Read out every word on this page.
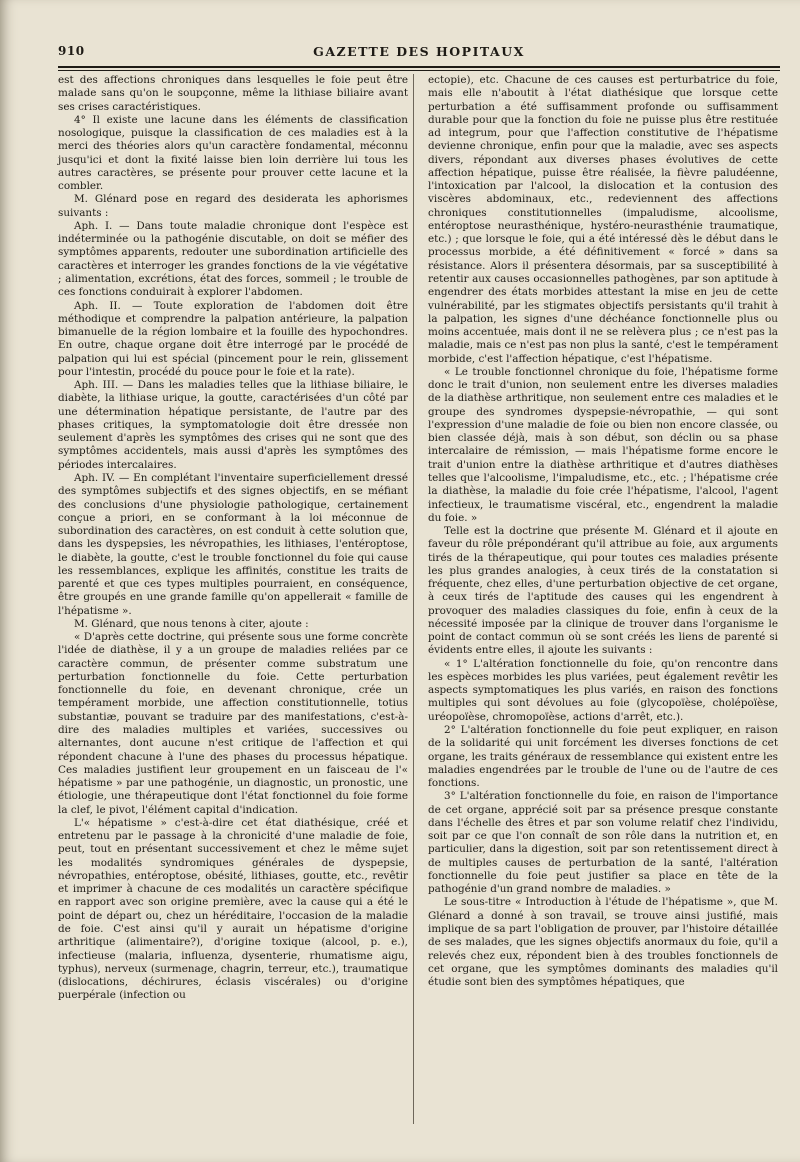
910	GAZETTE DES HOPITAUX

est des affections chroniques dans lesquelles le foie peut être malade sans qu'on le soupçonne, même la lithiase biliaire avant ses crises caractéristiques.

4° Il existe une lacune dans les éléments de classification nosologique, puisque la classification de ces maladies est à la merci des théories alors qu'un caractère fondamental, méconnu jusqu'ici et dont la fixité laisse bien loin derrière lui tous les autres caractères, se présente pour prouver cette lacune et la combler.

M. Glénard pose en regard des desiderata les aphorismes suivants :

Aph. I. — Dans toute maladie chronique dont l'espèce est indéterminée ou la pathogénie discutable, on doit se méfier des symptômes apparents, redouter une subordination artificielle des caractères et interroger les grandes fonctions de la vie végétative ; alimentation, excrétions, état des forces, sommeil ; le trouble de ces fonctions conduirait à explorer l'abdomen.

Aph. II. — Toute exploration de l'abdomen doit être méthodique et comprendre la palpation antérieure, la palpation bimanuelle de la région lombaire et la fouille des hypochondres. En outre, chaque organe doit être interrogé par le procédé de palpation qui lui est spécial (pincement pour le rein, glissement pour l'intestin, procédé du pouce pour le foie et la rate).

Aph. III. — Dans les maladies telles que la lithiase biliaire, le diabète, la lithiase urique, la goutte, caractérisées d'un côté par une détermination hépatique persistante, de l'autre par des phases critiques, la symptomatologie doit être dressée non seulement d'après les symptômes des crises qui ne sont que des symptômes accidentels, mais aussi d'après les symptômes des périodes intercalaires.

Aph. IV. — En complétant l'inventaire superficiellement dressé des symptômes subjectifs et des signes objectifs, en se méfiant des conclusions d'une physiologie pathologique, certainement conçue a priori, en se conformant à la loi méconnue de subordination des caractères, on est conduit à cette solution que, dans les dyspepsies, les névropathies, les lithiases, l'entéroptose, le diabète, la goutte, c'est le trouble fonctionnel du foie qui cause les ressemblances, explique les affinités, constitue les traits de parenté et que ces types multiples pourraient, en conséquence, être groupés en une grande famille qu'on appellerait « famille de l'hépatisme ».

M. Glénard, que nous tenons à citer, ajoute :

« D'après cette doctrine, qui présente sous une forme concrète l'idée de diathèse, il y a un groupe de maladies reliées par ce caractère commun, de présenter comme substratum une perturbation fonctionnelle du foie. Cette perturbation fonctionnelle du foie, en devenant chronique, crée un tempérament morbide, une affection constitutionnelle, totius substantiæ, pouvant se traduire par des manifestations, c'est-à-dire des maladies multiples et variées, successives ou alternantes, dont aucune n'est critique de l'affection et qui répondent chacune à l'une des phases du processus hépatique. Ces maladies justifient leur groupement en un faisceau de l'« hépatisme » par une pathogénie, un diagnostic, un pronostic, une étiologie, une thérapeutique dont l'état fonctionnel du foie forme la clef, le pivot, l'élément capital d'indication.

L'« hépatisme » c'est-à-dire cet état diathésique, créé et entretenu par le passage à la chronicité d'une maladie de foie, peut, tout en présentant successivement et chez le même sujet les modalités syndromiques générales de dyspepsie, névropathies, entéroptose, obésité, lithiases, goutte, etc., revêtir et imprimer à chacune de ces modalités un caractère spécifique en rapport avec son origine première, avec la cause qui a été le point de départ ou, chez un héréditaire, l'occasion de la maladie de foie. C'est ainsi qu'il y aurait un hépatisme d'origine arthritique (alimentaire?), d'origine toxique (alcool, p. e.), infectieuse (malaria, influenza, dysenterie, rhumatisme aigu, typhus), nerveux (surmenage, chagrin, terreur, etc.), traumatique (dislocations, déchirures, éclasis viscérales) ou d'origine puerpérale (infection ou

ectopie), etc. Chacune de ces causes est perturbatrice du foie, mais elle n'aboutit à l'état diathésique que lorsque cette perturbation a été suffisamment profonde ou suffisamment durable pour que la fonction du foie ne puisse plus être restituée ad integrum, pour que l'affection constitutive de l'hépatisme devienne chronique, enfin pour que la maladie, avec ses aspects divers, répondant aux diverses phases évolutives de cette affection hépatique, puisse être réalisée, la fièvre paludéenne, l'intoxication par l'alcool, la dislocation et la contusion des viscères abdominaux, etc., redeviennent des affections chroniques constitutionnelles (impaludisme, alcoolisme, entéroptose neurasthénique, hystéro-neurasthénie traumatique, etc.) ; que lorsque le foie, qui a été intéressé dès le début dans le processus morbide, a été définitivement « forcé » dans sa résistance. Alors il présentera désormais, par sa susceptibilité à retentir aux causes occasionnelles pathogènes, par son aptitude à engendrer des états morbides attestant la mise en jeu de cette vulnérabilité, par les stigmates objectifs persistants qu'il trahit à la palpation, les signes d'une déchéance fonctionnelle plus ou moins accentuée, mais dont il ne se relèvera plus ; ce n'est pas la maladie, mais ce n'est pas non plus la santé, c'est le tempérament morbide, c'est l'affection hépatique, c'est l'hépatisme.

« Le trouble fonctionnel chronique du foie, l'hépatisme forme donc le trait d'union, non seulement entre les diverses maladies de la diathèse arthritique, non seulement entre ces maladies et le groupe des syndromes dyspepsie-névropathie, — qui sont l'expression d'une maladie de foie ou bien non encore classée, ou bien classée déjà, mais à son début, son déclin ou sa phase intercalaire de rémission, — mais l'hépatisme forme encore le trait d'union entre la diathèse arthritique et d'autres diathèses telles que l'alcoolisme, l'impaludisme, etc., etc. ; l'hépatisme crée la diathèse, la maladie du foie crée l'hépatisme, l'alcool, l'agent infectieux, le traumatisme viscéral, etc., engendrent la maladie du foie. »

Telle est la doctrine que présente M. Glénard et il ajoute en faveur du rôle prépondérant qu'il attribue au foie, aux arguments tirés de la thérapeutique, qui pour toutes ces maladies présente les plus grandes analogies, à ceux tirés de la constatation si fréquente, chez elles, d'une perturbation objective de cet organe, à ceux tirés de l'aptitude des causes qui les engendrent à provoquer des maladies classiques du foie, enfin à ceux de la nécessité imposée par la clinique de trouver dans l'organisme le point de contact commun où se sont créés les liens de parenté si évidents entre elles, il ajoute les suivants :

« 1° L'altération fonctionnelle du foie, qu'on rencontre dans les espèces morbides les plus variées, peut également revêtir les aspects symptomatiques les plus variés, en raison des fonctions multiples qui sont dévolues au foie (glycopoïèse, cholépoïèse, uréopoïèse, chromopoïèse, actions d'arrêt, etc.).

2° L'altération fonctionnelle du foie peut expliquer, en raison de la solidarité qui unit forcément les diverses fonctions de cet organe, les traits généraux de ressemblance qui existent entre les maladies engendrées par le trouble de l'une ou de l'autre de ces fonctions.

3° L'altération fonctionnelle du foie, en raison de l'importance de cet organe, apprécié soit par sa présence presque constante dans l'échelle des êtres et par son volume relatif chez l'individu, soit par ce que l'on connaît de son rôle dans la nutrition et, en particulier, dans la digestion, soit par son retentissement direct à de multiples causes de perturbation de la santé, l'altération fonctionnelle du foie peut justifier sa place en tête de la pathogénie d'un grand nombre de maladies. »

Le sous-titre « Introduction à l'étude de l'hépatisme », que M. Glénard a donné à son travail, se trouve ainsi justifié, mais implique de sa part l'obligation de prouver, par l'histoire détaillée de ses malades, que les signes objectifs anormaux du foie, qu'il a relevés chez eux, répondent bien à des troubles fonctionnels de cet organe, que les symptômes dominants des maladies qu'il étudie sont bien des symptômes hépatiques, que
